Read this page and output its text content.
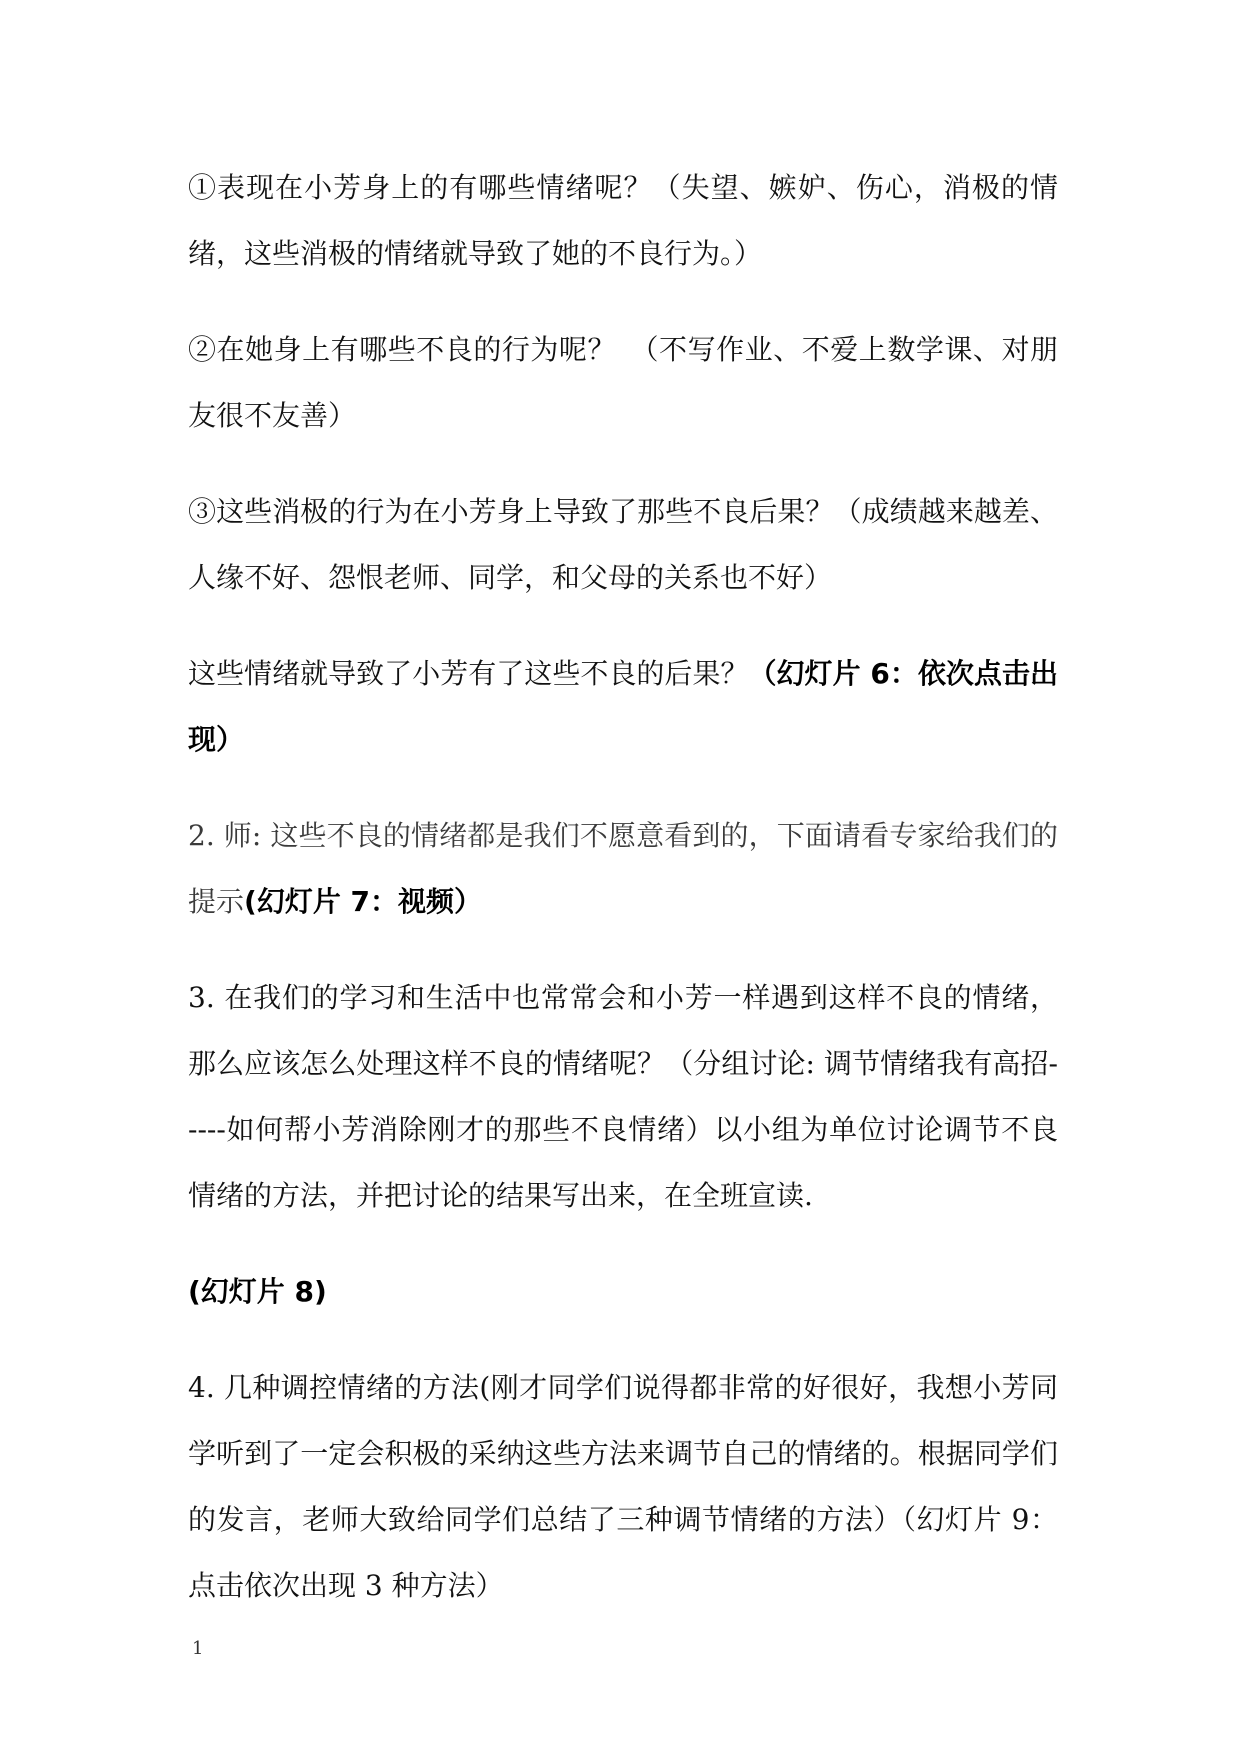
①表现在小芳身上的有哪些情绪呢？（失望、嫉妒、伤心，消极的情绪，这些消极的情绪就导致了她的不良行为。）

②在她身上有哪些不良的行为呢？　（不写作业、不爱上数学课、对朋友很不友善）

③这些消极的行为在小芳身上导致了那些不良后果？（成绩越来越差、人缘不好、怨恨老师、同学，和父母的关系也不好）

这些情绪就导致了小芳有了这些不良的后果？（幻灯片 6：依次点击出现）

2. 师: 这些不良的情绪都是我们不愿意看到的，下面请看专家给我们的提示(幻灯片 7：视频）

3. 在我们的学习和生活中也常常会和小芳一样遇到这样不良的情绪，那么应该怎么处理这样不良的情绪呢？（分组讨论: 调节情绪我有高招-----如何帮小芳消除刚才的那些不良情绪）以小组为单位讨论调节不良情绪的方法，并把讨论的结果写出来，在全班宣读.

(幻灯片 8)

4. 几种调控情绪的方法(刚才同学们说得都非常的好很好，我想小芳同学听到了一定会积极的采纳这些方法来调节自己的情绪的。根据同学们的发言，老师大致给同学们总结了三种调节情绪的方法）（幻灯片 9：点击依次出现 3 种方法）

1
